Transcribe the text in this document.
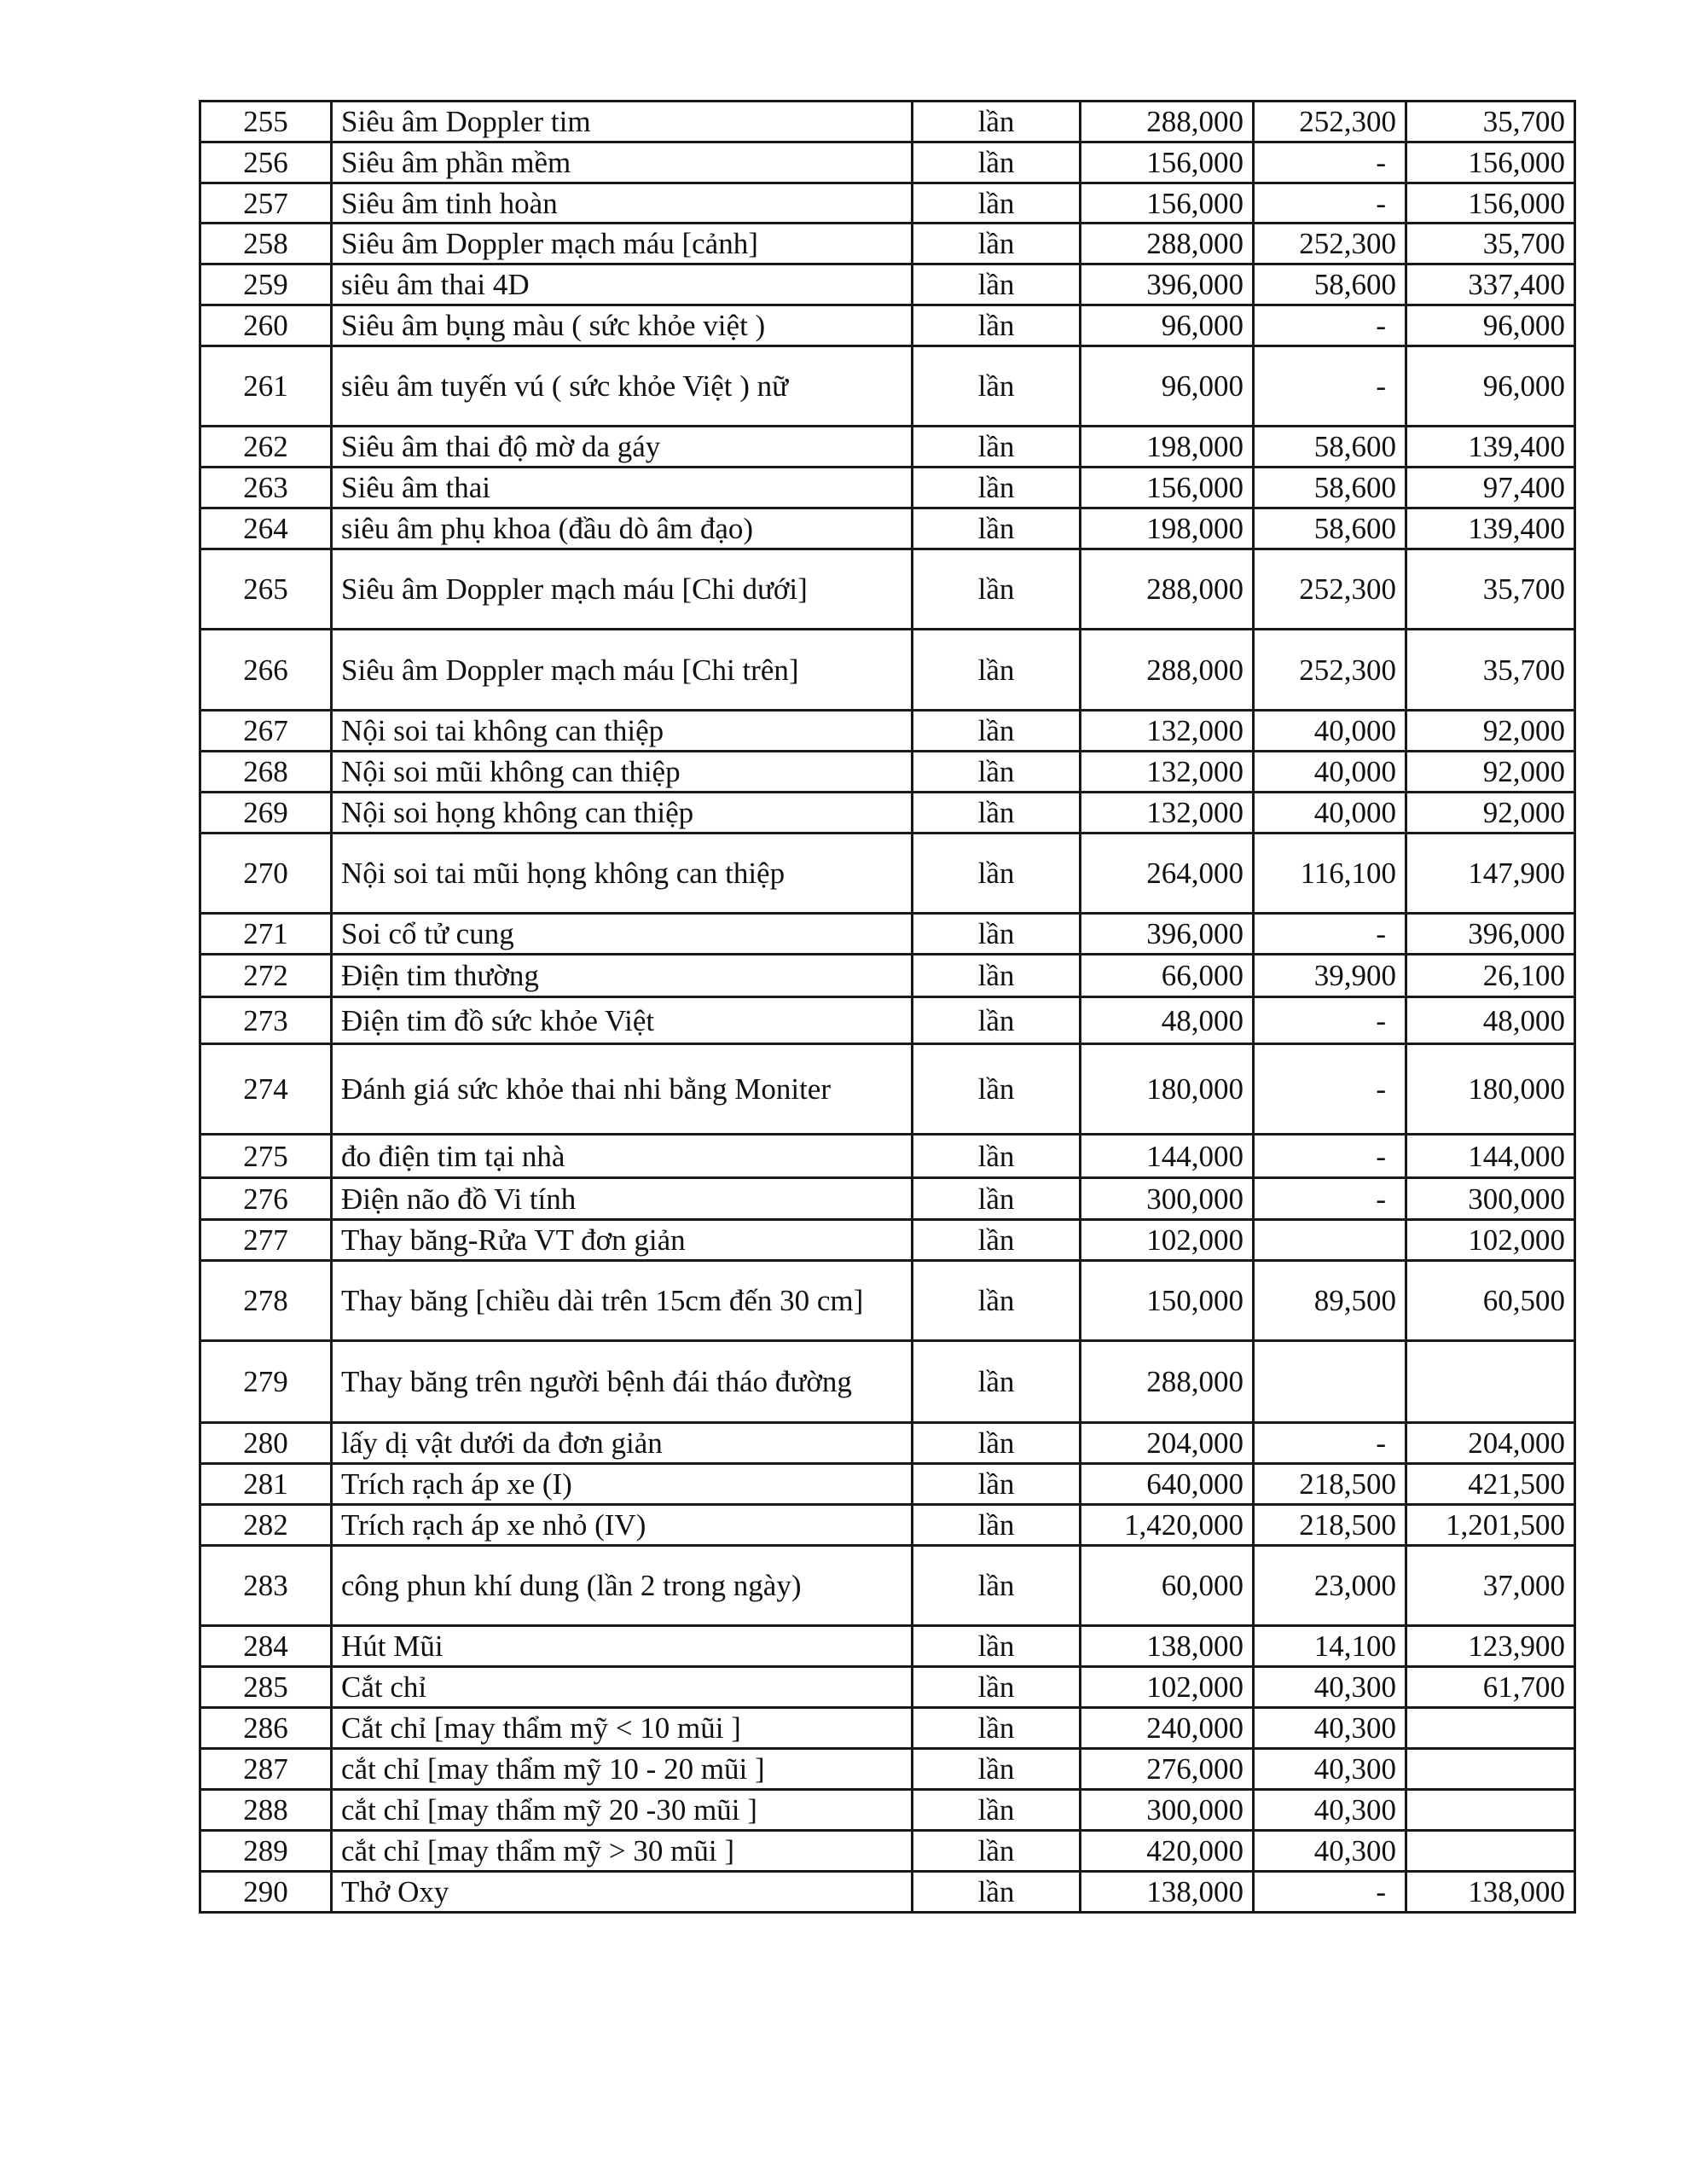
255	Siêu âm Doppler tim	lần	288,000	252,300	35,700
256	Siêu âm phần mềm	lần	156,000	-	156,000
257	Siêu âm tinh hoàn	lần	156,000	-	156,000
258	Siêu âm Doppler mạch máu [cảnh]	lần	288,000	252,300	35,700
259	siêu âm thai 4D	lần	396,000	58,600	337,400
260	Siêu âm bụng màu ( sức khỏe việt )	lần	96,000	-	96,000
261	siêu âm tuyến vú ( sức khỏe Việt ) nữ	lần	96,000	-	96,000
262	Siêu âm thai độ mờ da gáy	lần	198,000	58,600	139,400
263	Siêu âm thai	lần	156,000	58,600	97,400
264	siêu âm phụ khoa (đầu dò âm đạo)	lần	198,000	58,600	139,400
265	Siêu âm Doppler mạch máu [Chi dưới]	lần	288,000	252,300	35,700
266	Siêu âm Doppler mạch máu [Chi trên]	lần	288,000	252,300	35,700
267	Nội soi tai không can thiệp	lần	132,000	40,000	92,000
268	Nội soi mũi không can thiệp	lần	132,000	40,000	92,000
269	Nội soi họng không can thiệp	lần	132,000	40,000	92,000
270	Nội soi tai mũi họng không can thiệp	lần	264,000	116,100	147,900
271	Soi cổ tử cung	lần	396,000	-	396,000
272	Điện tim thường	lần	66,000	39,900	26,100
273	Điện tim đồ sức khỏe Việt	lần	48,000	-	48,000
274	Đánh giá sức khỏe thai nhi bằng Moniter	lần	180,000	-	180,000
275	đo điện tim tại nhà	lần	144,000	-	144,000
276	Điện não đồ Vi tính	lần	300,000	-	300,000
277	Thay băng-Rửa VT đơn giản	lần	102,000		102,000
278	Thay băng [chiều dài trên 15cm đến 30 cm]	lần	150,000	89,500	60,500
279	Thay băng trên người bệnh đái tháo đường	lần	288,000		
280	lấy dị vật dưới da đơn giản	lần	204,000	-	204,000
281	Trích rạch áp xe (I)	lần	640,000	218,500	421,500
282	Trích rạch áp xe nhỏ (IV)	lần	1,420,000	218,500	1,201,500
283	công phun khí dung (lần 2 trong ngày)	lần	60,000	23,000	37,000
284	Hút Mũi	lần	138,000	14,100	123,900
285	Cắt chỉ	lần	102,000	40,300	61,700
286	Cắt chỉ [may thẩm mỹ < 10 mũi ]	lần	240,000	40,300	
287	cắt chỉ [may thẩm mỹ 10 - 20 mũi ]	lần	276,000	40,300	
288	cắt chỉ [may thẩm mỹ 20 -30 mũi ]	lần	300,000	40,300	
289	cắt chỉ [may thẩm mỹ > 30 mũi ]	lần	420,000	40,300	
290	Thở Oxy	lần	138,000	-	138,000
